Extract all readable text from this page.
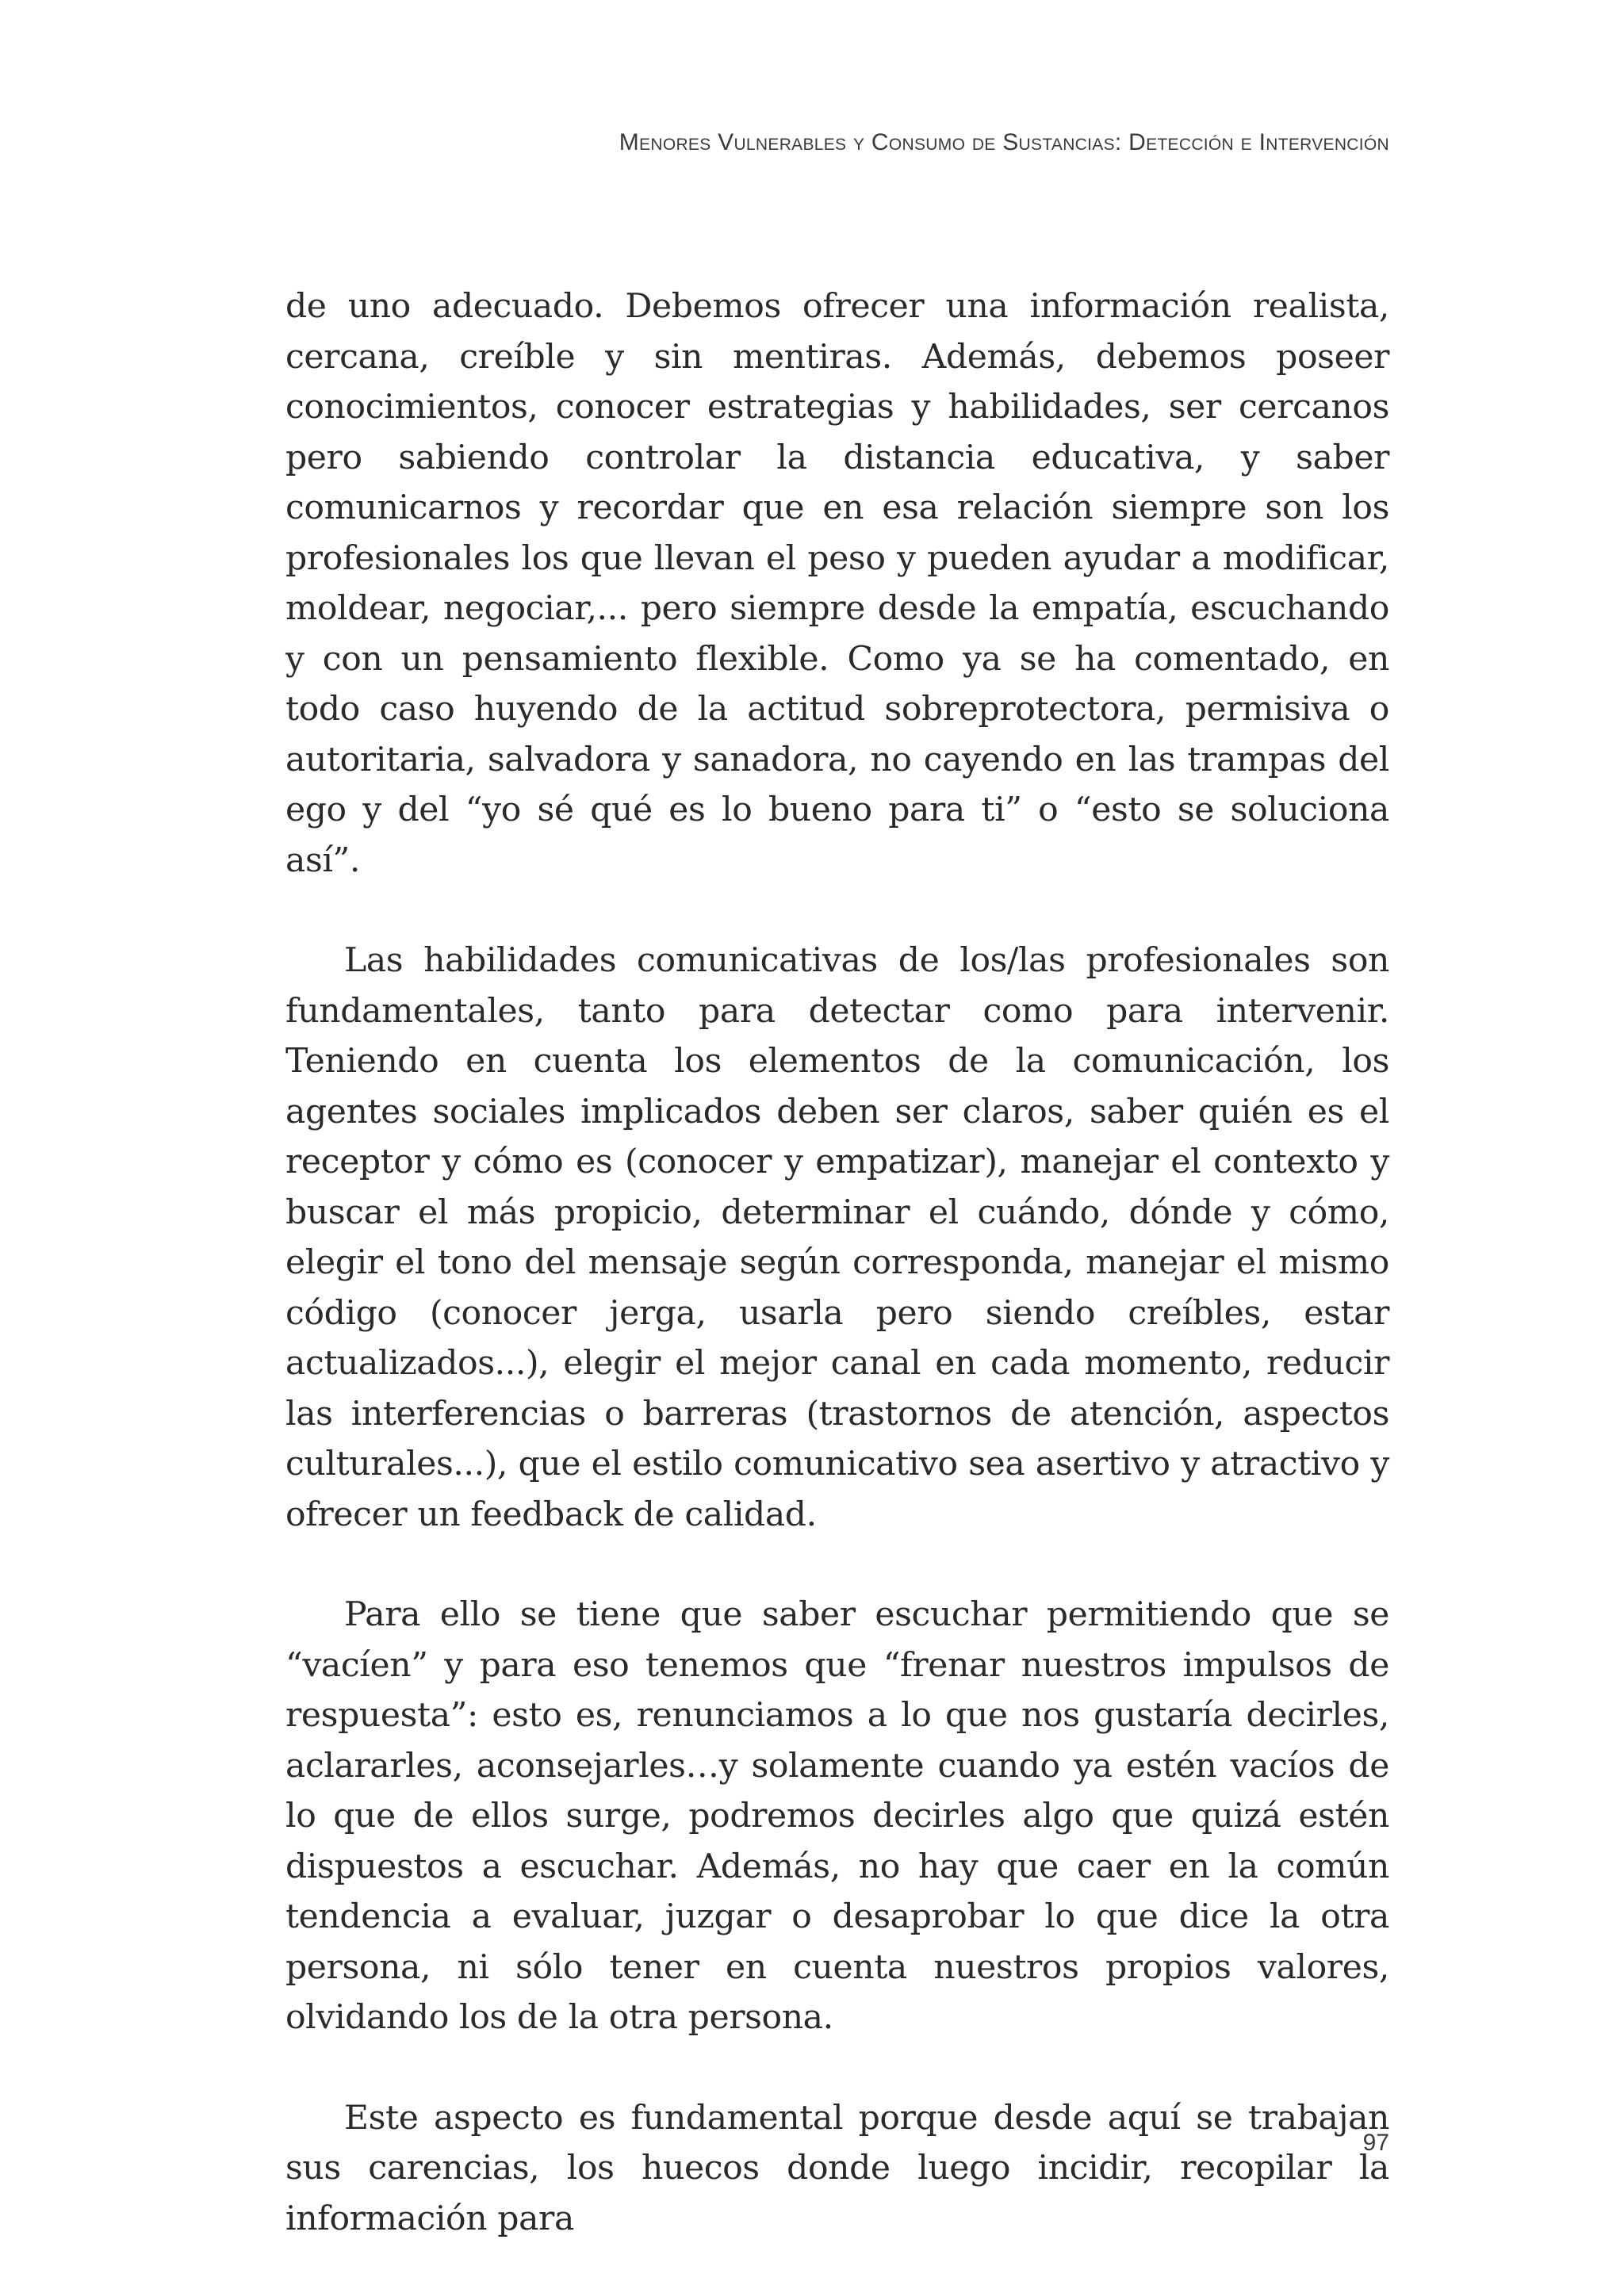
Menores Vulnerables y Consumo de Sustancias: Detección e Intervención

de uno adecuado. Debemos ofrecer una información realista, cercana, creíble y sin mentiras. Además, debemos poseer conocimientos, conocer estrategias y habilidades, ser cercanos pero sabiendo controlar la distancia educativa, y saber comunicarnos y recordar que en esa relación siempre son los profesionales los que llevan el peso y pueden ayudar a modificar, moldear, negociar,... pero siempre desde la empatía, escuchando y con un pensamiento flexible. Como ya se ha comentado, en todo caso huyendo de la actitud sobreprotectora, permisiva o autoritaria, salvadora y sanadora, no cayendo en las trampas del ego y del “yo sé qué es lo bueno para ti” o “esto se soluciona así”.

Las habilidades comunicativas de los/las profesionales son fundamentales, tanto para detectar como para intervenir. Teniendo en cuenta los elementos de la comunicación, los agentes sociales implicados deben ser claros, saber quién es el receptor y cómo es (conocer y empatizar), manejar el contexto y buscar el más propicio, determinar el cuándo, dónde y cómo, elegir el tono del mensaje según corresponda, manejar el mismo código (conocer jerga, usarla pero siendo creíbles, estar actualizados...), elegir el mejor canal en cada momento, reducir las interferencias o barreras (trastornos de atención, aspectos culturales...), que el estilo comunicativo sea asertivo y atractivo y ofrecer un feedback de calidad.

Para ello se tiene que saber escuchar permitiendo que se “vacíen” y para eso tenemos que “frenar nuestros impulsos de respuesta”: esto es, renunciamos a lo que nos gustaría decirles, aclararles, aconsejarles…y solamente cuando ya estén vacíos de lo que de ellos surge, podremos decirles algo que quizá estén dispuestos a escuchar. Además, no hay que caer en la común tendencia a evaluar, juzgar o desaprobar lo que dice la otra persona, ni sólo tener en cuenta nuestros propios valores, olvidando los de la otra persona.

Este aspecto es fundamental porque desde aquí se trabajan sus carencias, los huecos donde luego incidir, recopilar la información para

97
